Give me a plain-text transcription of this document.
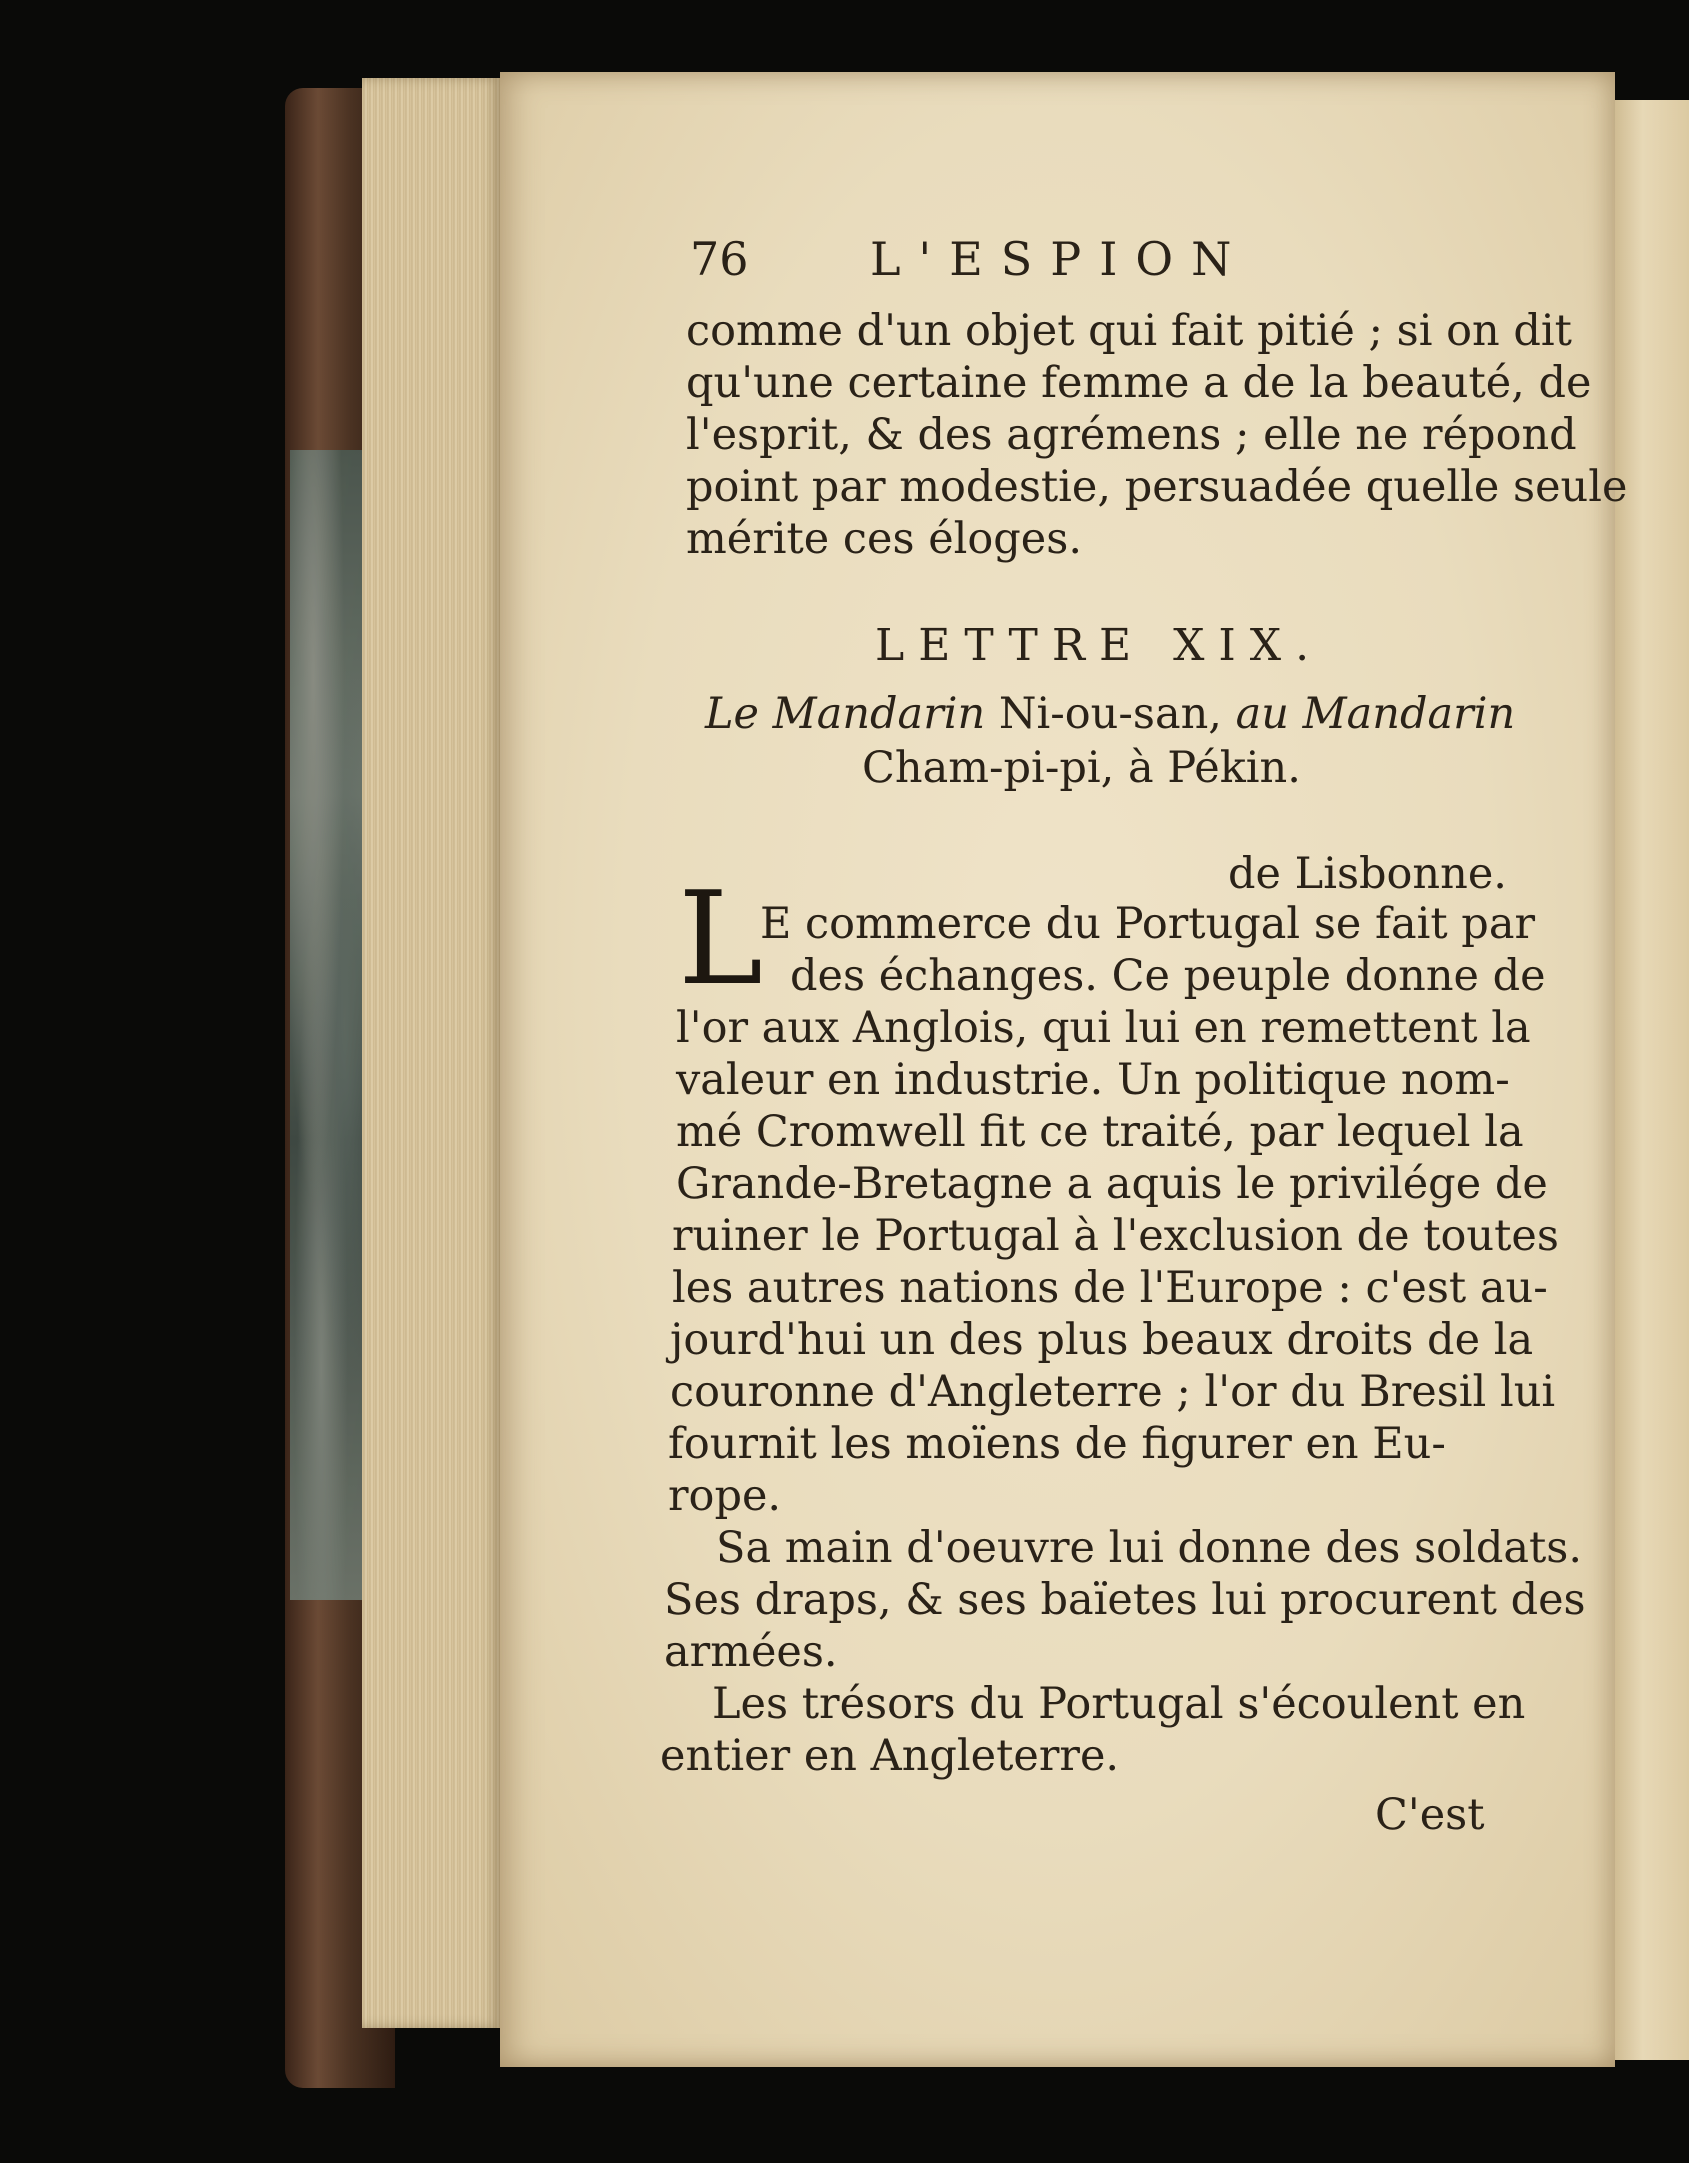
76	L'ESPION

comme d'un objet qui fait pitié ; si on dit

qu'une certaine femme a de la beauté, de

l'esprit, & des agrémens ; elle ne répond

point par modestie, persuadée quelle seule

mérite ces éloges.

LETTRE XIX.

Le Mandarin Ni-ou-san, au Mandarin

Cham-pi-pi, à Pékin.

de Lisbonne.

L

E commerce du Portugal se fait par

des échanges. Ce peuple donne de

l'or aux Anglois, qui lui en remettent la

valeur en industrie. Un politique nom-

mé Cromwell fit ce traité, par lequel la

Grande-Bretagne a aquis le privilége de

ruiner le Portugal à l'exclusion de toutes

les autres nations de l'Europe : c'est au-

jourd'hui un des plus beaux droits de la

couronne d'Angleterre ; l'or du Bresil lui

fournit les moïens de figurer en Eu-

rope.

Sa main d'oeuvre lui donne des soldats.

Ses draps, & ses baïetes lui procurent des

armées.

Les trésors du Portugal s'écoulent en

entier en Angleterre.

C'est
